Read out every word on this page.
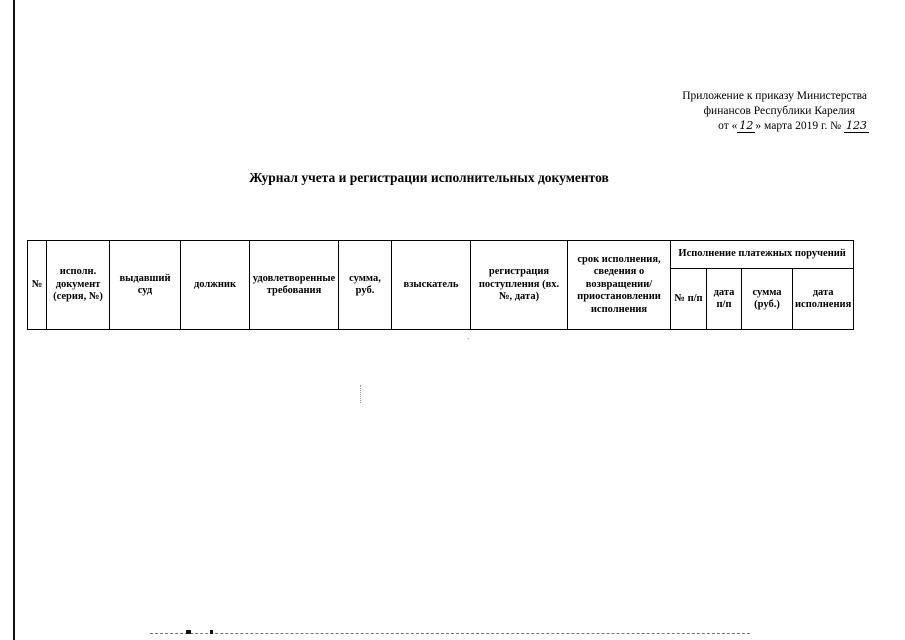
Приложение к приказу Министерства
финансов Республики Карелия
от « 12 » марта 2019 г. № 123
Журнал учета и регистрации исполнительных документов
№	исполн. документ (серия, №)	выдавший суд	должник	удовлетворенные требования	сумма, руб.	взыскатель	регистрация поступления (вх. №, дата)	срок исполнения, сведения о возвращении/ приостановлении исполнения	Исполнение платежных поручений			
									№ п/п	дата п/п	сумма (руб.)	дата исполнения
ˋ
